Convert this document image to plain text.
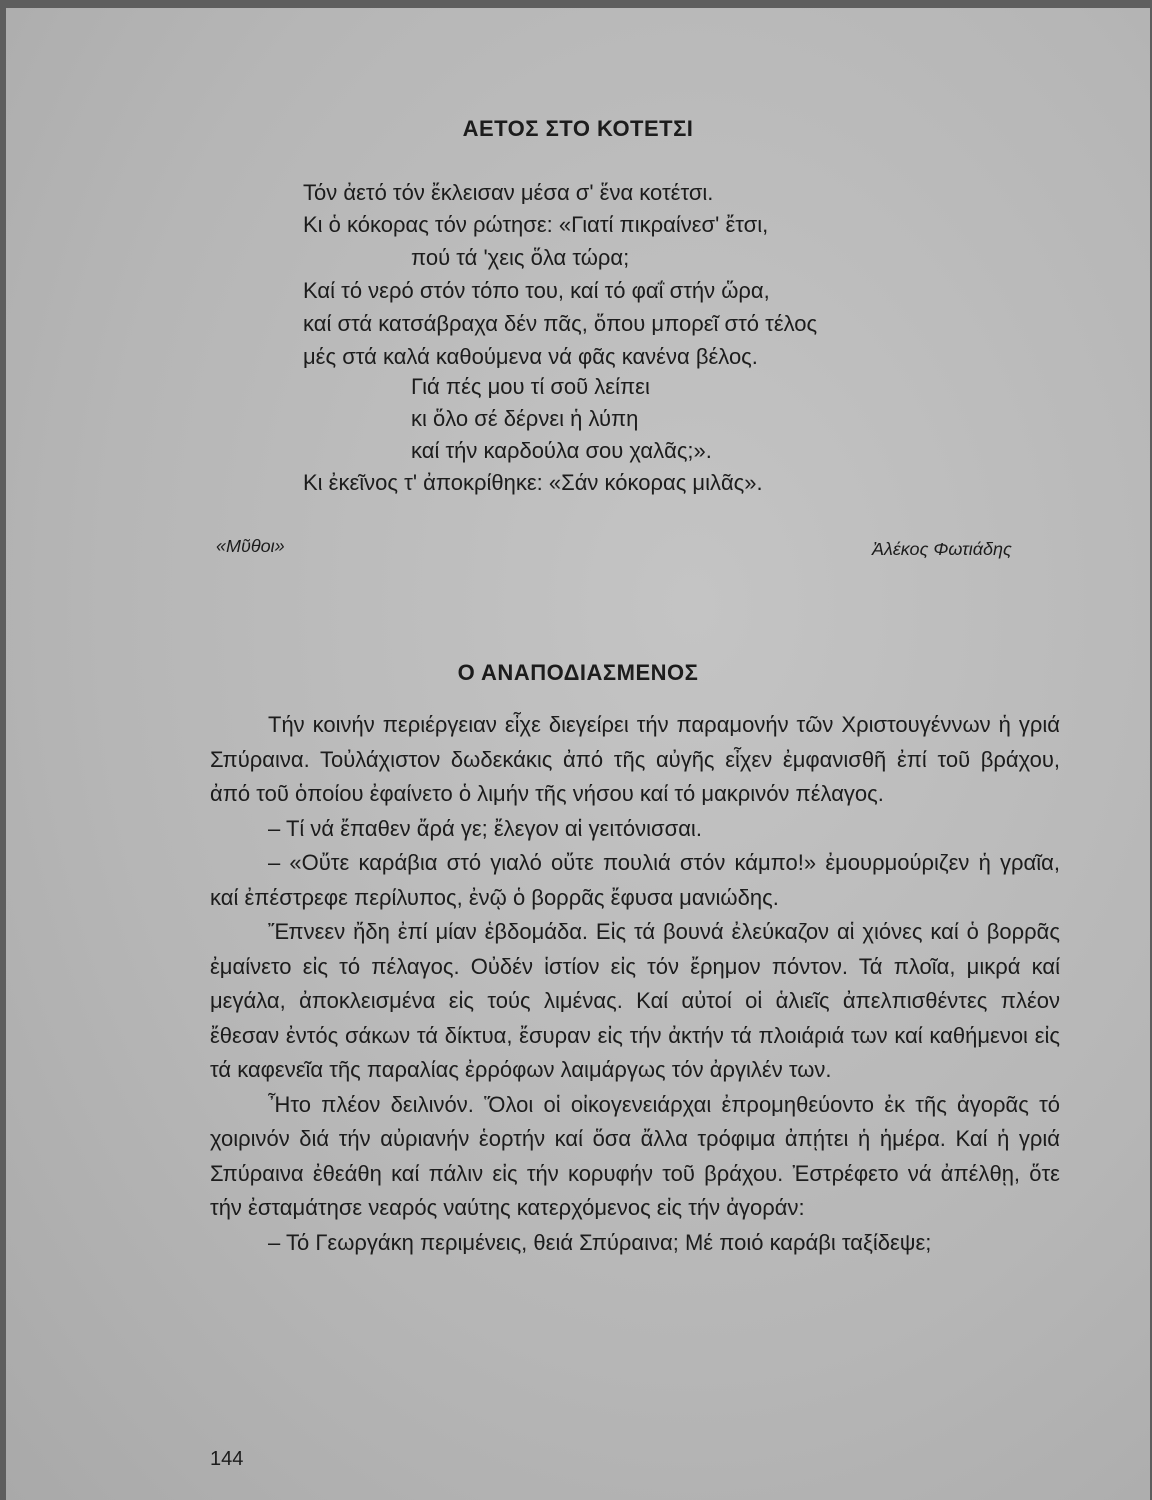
ΑΕΤΟΣ ΣΤΟ ΚΟΤΕΤΣΙ
Τόν ἀετό τόν ἔκλεισαν μέσα σ' ἕνα κοτέτσι.
Κι ὁ κόκορας τόν ρώτησε: «Γιατί πικραίνεσ' ἔτσι,
πού τά 'χεις ὅλα τώρα;
Καί τό νερό στόν τόπο του, καί τό φαΐ στήν ὥρα,
καί στά κατσάβραχα δέν πᾶς, ὅπου μπορεῖ στό τέλος
μές στά καλά καθούμενα νά φᾶς κανένα βέλος.
Γιά πές μου τί σοῦ λείπει
κι ὅλο σέ δέρνει ἡ λύπη
καί τήν καρδούλα σου χαλᾶς;».
Κι ἐκεῖνος τ' ἀποκρίθηκε: «Σάν κόκορας μιλᾶς».
«Μῦθοι»	Ἀλέκος Φωτιάδης
Ο ΑΝΑΠΟΔΙΑΣΜΕΝΟΣ

Τήν κοινήν περιέργειαν εἶχε διεγείρει τήν παραμονήν τῶν Χριστουγέννων ἡ γριά Σπύραινα. Τοὐλάχιστον δωδεκάκις ἀπό τῆς αὐγῆς εἶχεν ἐμφανισθῆ ἐπί τοῦ βράχου, ἀπό τοῦ ὁποίου ἐφαίνετο ὁ λιμήν τῆς νήσου καί τό μακρινόν πέλαγος.

– Τί νά ἔπαθεν ἄρά γε; ἔλεγον αἱ γειτόνισσαι.

– «Οὔτε καράβια στό γιαλό οὔτε πουλιά στόν κάμπο!» ἐμουρμούριζεν ἡ γραῖα, καί ἐπέστρεφε περίλυπος, ἐνῷ ὁ βορρᾶς ἔφυσα μανιώδης.

Ἔπνεεν ἤδη ἐπί μίαν ἑβδομάδα. Εἰς τά βουνά ἐλεύκαζον αἱ χιόνες καί ὁ βορρᾶς ἐμαίνετο εἰς τό πέλαγος. Οὐδέν ἱστίον εἰς τόν ἔρημον πόντον. Τά πλοῖα, μικρά καί μεγάλα, ἀποκλεισμένα εἰς τούς λιμένας. Καί αὐτοί οἱ ἁλιεῖς ἀπελπισθέντες πλέον ἔθεσαν ἐντός σάκων τά δίκτυα, ἔσυραν εἰς τήν ἀκτήν τά πλοιάριά των καί καθήμενοι εἰς τά καφενεῖα τῆς παραλίας ἐρρόφων λαιμάργως τόν ἀργιλέν των.

Ἦτο πλέον δειλινόν. Ὅλοι οἱ οἰκογενειάρχαι ἐπρομηθεύοντο ἐκ τῆς ἀγορᾶς τό χοιρινόν διά τήν αὐριανήν ἑορτήν καί ὅσα ἄλλα τρόφιμα ἀπῄτει ἡ ἡμέρα. Καί ἡ γριά Σπύραινα ἐθεάθη καί πάλιν εἰς τήν κορυφήν τοῦ βράχου. Ἐστρέφετο νά ἀπέλθῃ, ὅτε τήν ἐσταμάτησε νεαρός ναύτης κατερχόμενος εἰς τήν ἀγοράν:

– Τό Γεωργάκη περιμένεις, θειά Σπύραινα; Μέ ποιό καράβι ταξίδεψε;

144
